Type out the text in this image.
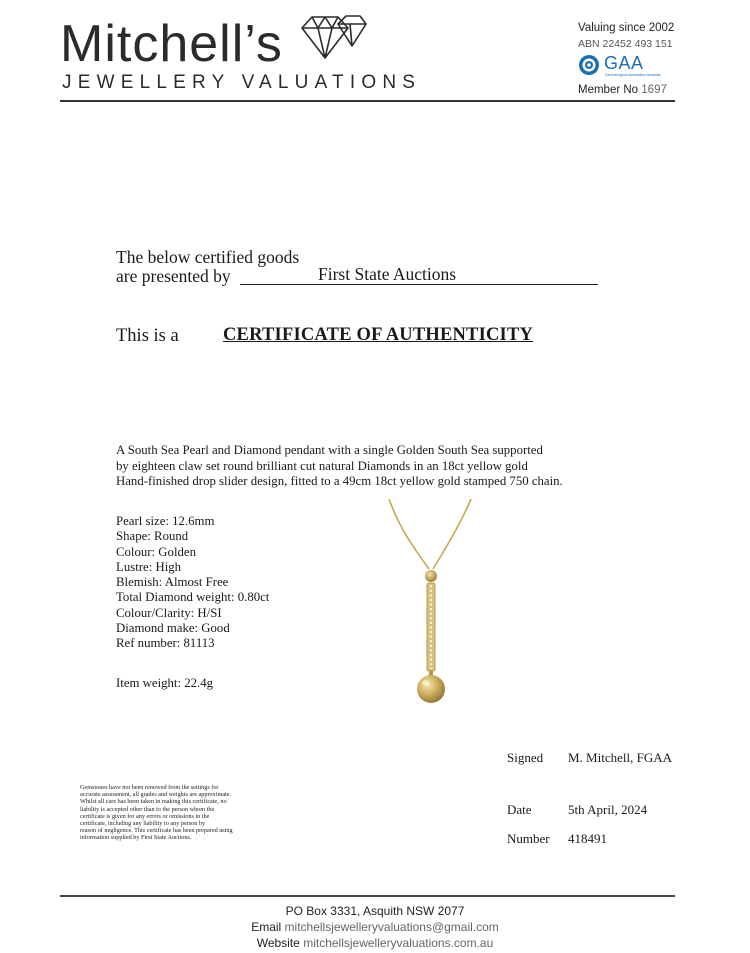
Mitchell’s
JEWELLERY VALUATIONS
Valuing since 2002
ABN 22452 493 151
GAA
Gemmological Association Australia
Member No 1697
The below certified goods
are presented by	First State Auctions
This is a CERTIFICATE OF AUTHENTICITY
A South Sea Pearl and Diamond pendant with a single Golden South Sea supported
by eighteen claw set round brilliant cut natural Diamonds in an 18ct yellow gold
Hand-finished drop slider design, fitted to a 49cm 18ct yellow gold stamped 750 chain.
Pearl size: 12.6mm
Shape: Round
Colour: Golden
Lustre: High
Blemish: Almost Free
Total Diamond weight: 0.80ct
Colour/Clarity: H/SI
Diamond make: Good
Ref number: 81113
Item weight: 22.4g
Signed M. Mitchell, FGAA
Date	5th April, 2024
Number 418491
Gemstones have not been removed from the settings for
accurate assessment, all grades and weights are approximate.
Whilst all care has been taken in making this certificate, no
liability is accepted other than to the person whom the
certificate is given for any errors or omissions in the
certificate, including any liability to any person by
reason of negligence. This certificate has been prepared using
information supplied by First State Auctions.
PO Box 3331, Asquith NSW 2077
Email mitchellsjewelleryvaluations@gmail.com
Website mitchellsjewelleryvaluations.com.au
